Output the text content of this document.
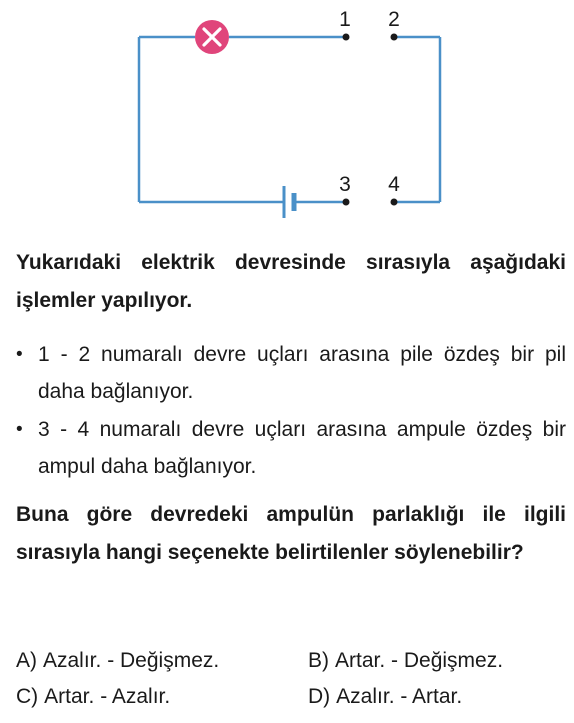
1 2
3 4

Yukarıdaki elektrik devresinde sırasıyla aşağıdaki işlemler yapılıyor.

• 1 - 2 numaralı devre uçları arasına pile özdeş bir pil daha bağlanıyor.
• 3 - 4 numaralı devre uçları arasına ampule özdeş bir ampul daha bağlanıyor.

Buna göre devredeki ampulün parlaklığı ile ilgili sırasıyla hangi seçenekte belirtilenler söylenebilir?

A) Azalır. - Değişmez.	B) Artar. - Değişmez.
C) Artar. - Azalır.	D) Azalır. - Artar.
